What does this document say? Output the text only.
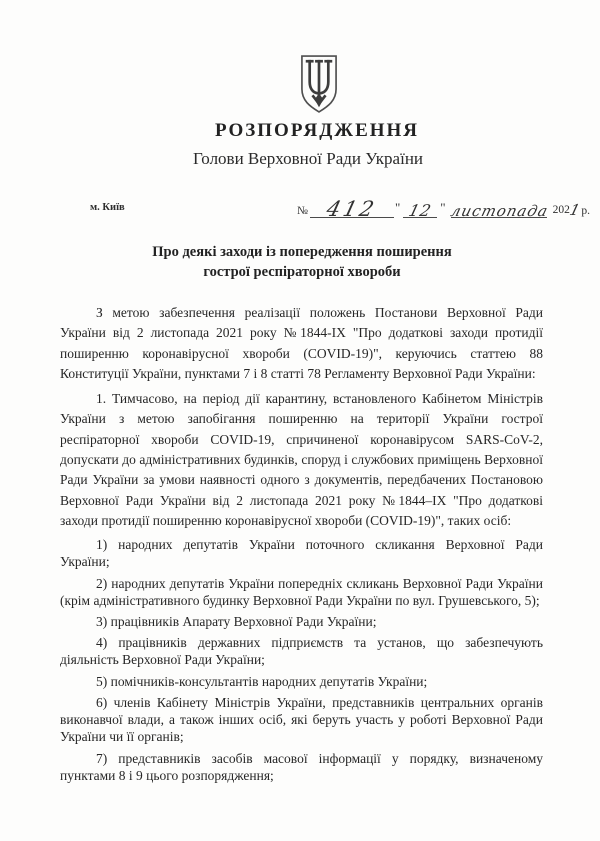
РОЗПОРЯДЖЕННЯ
Голови Верховної Ради України
м. Київ	№ 412	" 12 " листопада 2021 р.
Про деякі заходи із попередження поширення
гострої респіраторної хвороби

З метою забезпечення реалізації положень Постанови Верховної Ради України від 2 листопада 2021 року №1844-ІХ "Про додаткові заходи протидії поширенню коронавірусної хвороби (COVID-19)", керуючись статтею 88 Конституції України, пунктами 7 і 8 статті 78 Регламенту Верховної Ради України:

1. Тимчасово, на період дії карантину, встановленого Кабінетом Міністрів України з метою запобігання поширенню на території України гострої респіраторної хвороби COVID-19, спричиненої коронавірусом SARS-CoV-2, допускати до адміністративних будинків, споруд і службових приміщень Верховної Ради України за умови наявності одного з документів, передбачених Постановою Верховної Ради України від 2 листопада 2021 року №1844–ІХ "Про додаткові заходи протидії поширенню коронавірусної хвороби (COVID-19)", таких осіб:

1) народних депутатів України поточного скликання Верховної Ради України;

2) народних депутатів України попередніх скликань Верховної Ради України (крім адміністративного будинку Верховної Ради України по вул. Грушевського, 5);

3) працівників Апарату Верховної Ради України;

4) працівників державних підприємств та установ, що забезпечують діяльність Верховної Ради України;

5) помічників-консультантів народних депутатів України;

6) членів Кабінету Міністрів України, представників центральних органів виконавчої влади, а також інших осіб, які беруть участь у роботі Верховної Ради України чи її органів;

7) представників засобів масової інформації у порядку, визначеному пунктами 8 і 9 цього розпорядження;
